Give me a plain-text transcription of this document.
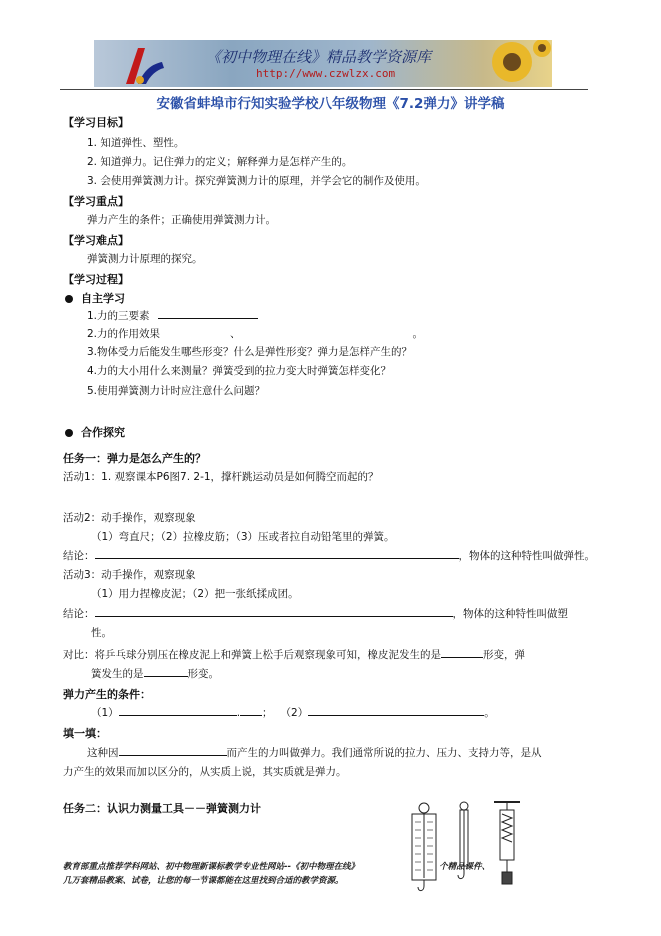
《初中物理在线》精品教学资源库
http://www.czwlzx.com
安徽省蚌埠市行知实验学校八年级物理《7.2弹力》讲学稿
【学习目标】
1. 知道弹性、塑性。
2. 知道弹力。记住弹力的定义；解释弹力是怎样产生的。
3. 会使用弹簧测力计。探究弹簧测力计的原理，并学会它的制作及使用。
【学习重点】
弹力产生的条件；正确使用弹簧测力计。
【学习难点】
弹簧测力计原理的探究。
【学习过程】
自主学习
1.力的三要素
2.力的作用效果	、	。
3.物体受力后能发生哪些形变？什么是弹性形变？弹力是怎样产生的？
4.力的大小用什么来测量？弹簧受到的拉力变大时弹簧怎样变化？
5.使用弹簧测力计时应注意什么问题？
合作探究
任务一：弹力是怎么产生的？
活动1：1. 观察课本P6图7. 2-1，撑杆跳运动员是如何腾空而起的？
活动2：动手操作，观察现象
（1）弯直尺；（2）拉橡皮筋；（3）压或者拉自动铅笔里的弹簧。
结论：	，物体的这种特性叫做弹性。
活动3：动手操作，观察现象
（1）用力捏橡皮泥；（2）把一张纸揉成团。
结论：	，物体的这种特性叫做塑
性。
对比：将乒乓球分别压在橡皮泥上和弹簧上松手后观察现象可知，橡皮泥发生的是	形变，弹
簧发生的是	形变。
弹力产生的条件：
（1）	. ； （2）	。
填一填：
这种因	而产生的力叫做弹力。我们通常所说的拉力、压力、支持力等，是从
力产生的效果而加以区分的，从实质上说，其实质就是弹力。
任务二：认识力测量工具－－弹簧测力计
教育部重点推荐学科网站、初中物理新课标教学专业性网站--《初中物理在线》	个精品课件、
几万套精品教案、试卷，让您的每一节课都能在这里找到合适的教学资源。
